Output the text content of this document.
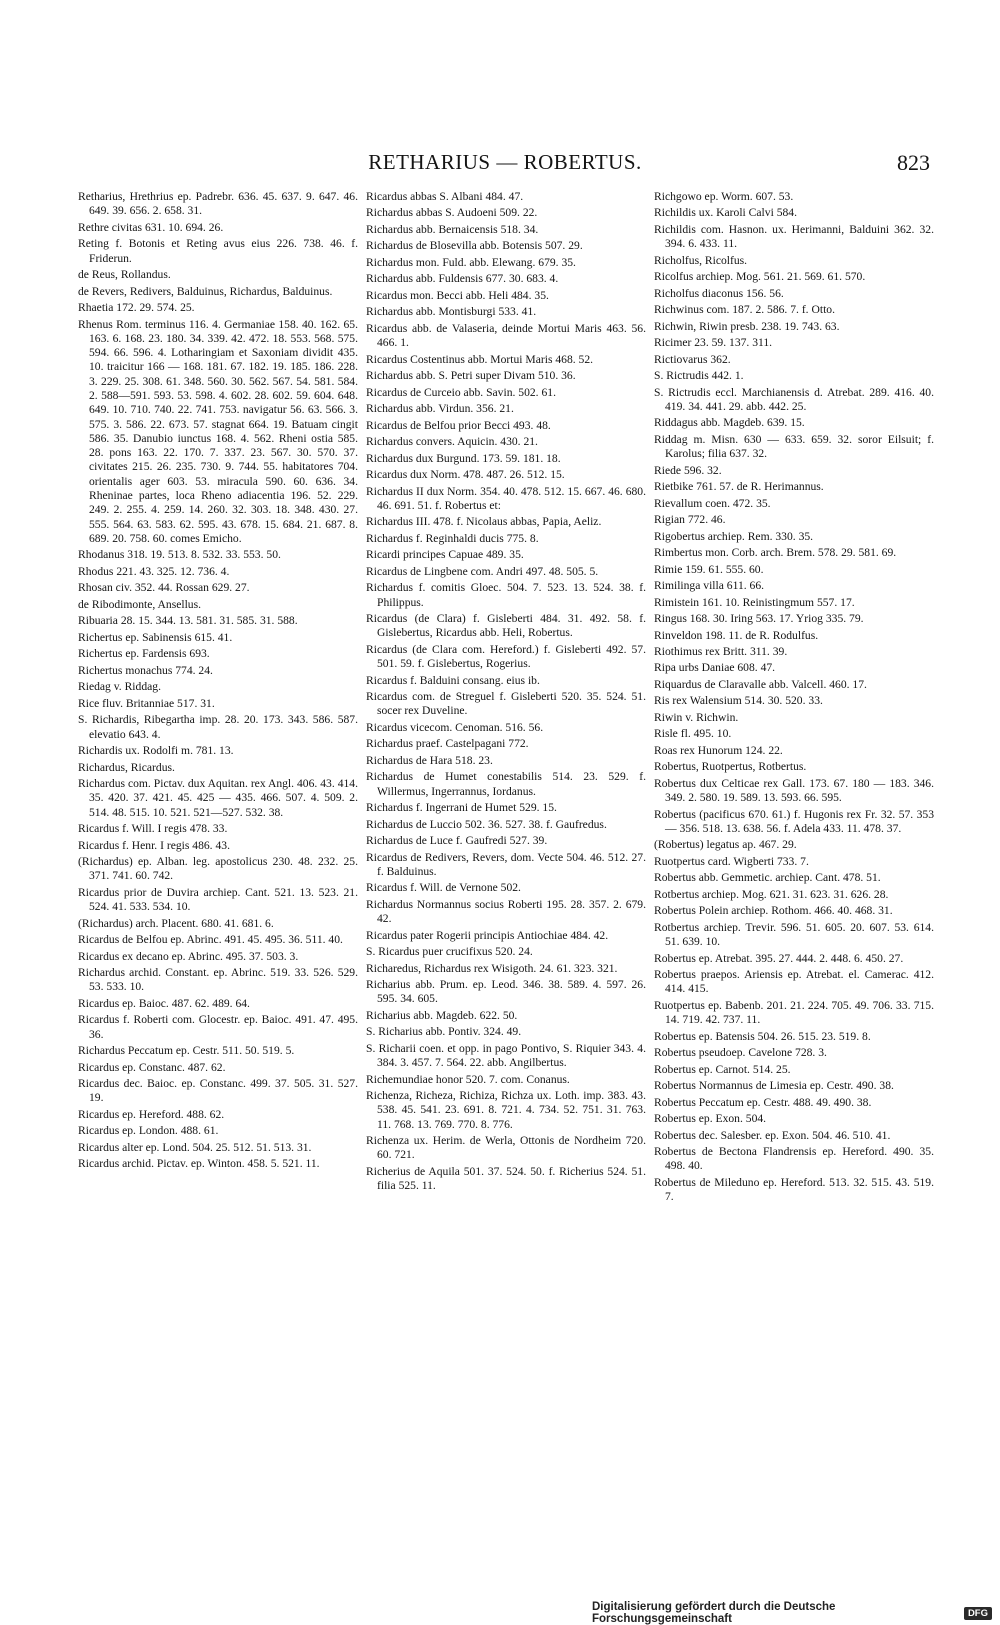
RETHARIUS — ROBERTUS.	823
Retharius, Hrethrius ep. Padrebr. 636. 45. 637. 9. 647. 46. 649. 39. 656. 2. 658. 31.
Rethre civitas 631. 10. 694. 26.
Reting f. Botonis et Reting avus eius 226. 738. 46. f. Friderun.
de Reus, Rollandus.
de Revers, Redivers, Balduinus, Richardus, Balduinus.
Rhaetia 172. 29. 574. 25.
Rhenus Rom. terminus 116. 4. Germaniae 158. 40. 162. 65. 163. 6. 168. 23. 180. 34. 339. 42. 472. 18. 553. 568. 575. 594. 66. 596. 4. Lotharingiam et Saxoniam dividit 435. 10. traicitur 166 — 168. 181. 67. 182. 19. 185. 186. 228. 3. 229. 25. 308. 61. 348. 560. 30. 562. 567. 54. 581. 584. 2. 588—591. 593. 53. 598. 4. 602. 28. 602. 59. 604. 648. 649. 10. 710. 740. 22. 741. 753. navigatur 56. 63. 566. 3. 575. 3. 586. 22. 673. 57. stagnat 664. 19. Batuam cingit 586. 35. Danubio iunctus 168. 4. 562. Rheni ostia 585. 28. pons 163. 22. 170. 7. 337. 23. 567. 30. 570. 37. civitates 215. 26. 235. 730. 9. 744. 55. habitatores 704. orientalis ager 603. 53. miracula 590. 60. 636. 34. Rheninae partes, loca Rheno adiacentia 196. 52. 229. 249. 2. 255. 4. 259. 14. 260. 32. 303. 18. 348. 430. 27. 555. 564. 63. 583. 62. 595. 43. 678. 15. 684. 21. 687. 8. 689. 20. 758. 60. comes Emicho.
Rhodanus 318. 19. 513. 8. 532. 33. 553. 50.
Rhodus 221. 43. 325. 12. 736. 4.
Rhosan civ. 352. 44. Rossan 629. 27.
de Ribodimonte, Ansellus.
Ribuaria 28. 15. 344. 13. 581. 31. 585. 31. 588.
Richertus ep. Sabinensis 615. 41.
Richertus ep. Fardensis 693.
Richertus monachus 774. 24.
Riedag v. Riddag.
Rice fluv. Britanniae 517. 31.
S. Richardis, Ribegartha imp. 28. 20. 173. 343. 586. 587. elevatio 643. 4.
Richardis ux. Rodolfi m. 781. 13.
Richardus, Ricardus.
Richardus com. Pictav. dux Aquitan. rex Angl. 406. 43. 414. 35. 420. 37. 421. 45. 425 — 435. 466. 507. 4. 509. 2. 514. 48. 515. 10. 521. 521—527. 532. 38.
Ricardus f. Will. I regis 478. 33.
Ricardus f. Henr. I regis 486. 43.
(Richardus) ep. Alban. leg. apostolicus 230. 48. 232. 25. 371. 741. 60. 742.
Ricardus prior de Duvira archiep. Cant. 521. 13. 523. 21. 524. 41. 533. 534. 10.
(Richardus) arch. Placent. 680. 41. 681. 6.
Ricardus de Belfou ep. Abrinc. 491. 45. 495. 36. 511. 40.
Ricardus ex decano ep. Abrinc. 495. 37. 503. 3.
Richardus archid. Constant. ep. Abrinc. 519. 33. 526. 529. 53. 533. 10.
Ricardus ep. Baioc. 487. 62. 489. 64.
Ricardus f. Roberti com. Glocestr. ep. Baioc. 491. 47. 495. 36.
Richardus Peccatum ep. Cestr. 511. 50. 519. 5.
Ricardus ep. Constanc. 487. 62.
Ricardus dec. Baioc. ep. Constanc. 499. 37. 505. 31. 527. 19.
Ricardus ep. Hereford. 488. 62.
Ricardus ep. London. 488. 61.
Ricardus alter ep. Lond. 504. 25. 512. 51. 513. 31.
Ricardus archid. Pictav. ep. Winton. 458. 5. 521. 11.
Ricardus abbas S. Albani 484. 47.
Richardus abbas S. Audoeni 509. 22.
Richardus abb. Bernaicensis 518. 34.
Richardus de Blosevilla abb. Botensis 507. 29.
Richardus mon. Fuld. abb. Elewang. 679. 35.
Richardus abb. Fuldensis 677. 30. 683. 4.
Ricardus mon. Becci abb. Heli 484. 35.
Richardus abb. Montisburgi 533. 41.
Ricardus abb. de Valaseria, deinde Mortui Maris 463. 56. 466. 1.
Ricardus Costentinus abb. Mortui Maris 468. 52.
Richardus abb. S. Petri super Divam 510. 36.
Ricardus de Curceio abb. Savin. 502. 61.
Richardus abb. Virdun. 356. 21.
Ricardus de Belfou prior Becci 493. 48.
Richardus convers. Aquicin. 430. 21.
Richardus dux Burgund. 173. 59. 181. 18.
Ricardus dux Norm. 478. 487. 26. 512. 15.
Richardus II dux Norm. 354. 40. 478. 512. 15. 667. 46. 680. 46. 691. 51. f. Robertus et:
Richardus III. 478. f. Nicolaus abbas, Papia, Aeliz.
Richardus f. Reginhaldi ducis 775. 8.
Ricardi principes Capuae 489. 35.
Ricardus de Lingbene com. Andri 497. 48. 505. 5.
Richardus f. comitis Gloec. 504. 7. 523. 13. 524. 38. f. Philippus.
Ricardus (de Clara) f. Gisleberti 484. 31. 492. 58. f. Gislebertus, Ricardus abb. Heli, Robertus.
Ricardus (de Clara com. Hereford.) f. Gisleberti 492. 57. 501. 59. f. Gislebertus, Rogerius.
Ricardus f. Balduini consang. eius ib.
Ricardus com. de Streguel f. Gisleberti 520. 35. 524. 51. socer rex Duveline.
Ricardus vicecom. Cenoman. 516. 56.
Richardus praef. Castelpagani 772.
Richardus de Hara 518. 23.
Richardus de Humet conestabilis 514. 23. 529. f. Willermus, Ingerrannus, Iordanus.
Richardus f. Ingerrani de Humet 529. 15.
Richardus de Luccio 502. 36. 527. 38. f. Gaufredus.
Richardus de Luce f. Gaufredi 527. 39.
Ricardus de Redivers, Revers, dom. Vecte 504. 46. 512. 27. f. Balduinus.
Ricardus f. Will. de Vernone 502.
Richardus Normannus socius Roberti 195. 28. 357. 2. 679. 42.
Ricardus pater Rogerii principis Antiochiae 484. 42.
S. Ricardus puer crucifixus 520. 24.
Richaredus, Richardus rex Wisigoth. 24. 61. 323. 321.
Richarius abb. Prum. ep. Leod. 346. 38. 589. 4. 597. 26. 595. 34. 605.
Richarius abb. Magdeb. 622. 50.
S. Richarius abb. Pontiv. 324. 49.
S. Richarii coen. et opp. in pago Pontivo, S. Riquier 343. 4. 384. 3. 457. 7. 564. 22. abb. Angilbertus.
Richemundiae honor 520. 7. com. Conanus.
Richenza, Richeza, Richiza, Richza ux. Loth. imp. 383. 43. 538. 45. 541. 23. 691. 8. 721. 4. 734. 52. 751. 31. 763. 11. 768. 13. 769. 770. 8. 776.
Richenza ux. Herim. de Werla, Ottonis de Nordheim 720. 60. 721.
Richerius de Aquila 501. 37. 524. 50. f. Richerius 524. 51. filia 525. 11.
Richgowo ep. Worm. 607. 53.
Richildis ux. Karoli Calvi 584.
Richildis com. Hasnon. ux. Herimanni, Balduini 362. 32. 394. 6. 433. 11.
Richolfus, Ricolfus.
Ricolfus archiep. Mog. 561. 21. 569. 61. 570.
Richolfus diaconus 156. 56.
Richwinus com. 187. 2. 586. 7. f. Otto.
Richwin, Riwin presb. 238. 19. 743. 63.
Ricimer 23. 59. 137. 311.
Rictiovarus 362.
S. Rictrudis 442. 1.
S. Rictrudis eccl. Marchianensis d. Atrebat. 289. 416. 40. 419. 34. 441. 29. abb. 442. 25.
Riddagus abb. Magdeb. 639. 15.
Riddag m. Misn. 630 — 633. 659. 32. soror Eilsuit; f. Karolus; filia 637. 32.
Riede 596. 32.
Rietbike 761. 57. de R. Herimannus.
Rievallum coen. 472. 35.
Rigian 772. 46.
Rigobertus archiep. Rem. 330. 35.
Rimbertus mon. Corb. arch. Brem. 578. 29. 581. 69.
Rimie 159. 61. 555. 60.
Rimilinga villa 611. 66.
Rimistein 161. 10. Reinistingmum 557. 17.
Ringus 168. 30. Iring 563. 17. Yriog 335. 79.
Rinveldon 198. 11. de R. Rodulfus.
Riothimus rex Britt. 311. 39.
Ripa urbs Daniae 608. 47.
Riquardus de Claravalle abb. Valcell. 460. 17.
Ris rex Walensium 514. 30. 520. 33.
Riwin v. Richwin.
Risle fl. 495. 10.
Roas rex Hunorum 124. 22.
Robertus, Ruotpertus, Rotbertus.
Robertus dux Celticae rex Gall. 173. 67. 180 — 183. 346. 349. 2. 580. 19. 589. 13. 593. 66. 595.
Robertus (pacificus 670. 61.) f. Hugonis rex Fr. 32. 57. 353 — 356. 518. 13. 638. 56. f. Adela 433. 11. 478. 37.
(Robertus) legatus ap. 467. 29.
Ruotpertus card. Wigberti 733. 7.
Robertus abb. Gemmetic. archiep. Cant. 478. 51.
Rotbertus archiep. Mog. 621. 31. 623. 31. 626. 28.
Robertus Polein archiep. Rothom. 466. 40. 468. 31.
Rotbertus archiep. Trevir. 596. 51. 605. 20. 607. 53. 614. 51. 639. 10.
Robertus ep. Atrebat. 395. 27. 444. 2. 448. 6. 450. 27.
Robertus praepos. Ariensis ep. Atrebat. el. Camerac. 412. 414. 415.
Ruotpertus ep. Babenb. 201. 21. 224. 705. 49. 706. 33. 715. 14. 719. 42. 737. 11.
Robertus ep. Batensis 504. 26. 515. 23. 519. 8.
Robertus pseudoep. Cavelone 728. 3.
Robertus ep. Carnot. 514. 25.
Robertus Normannus de Limesia ep. Cestr. 490. 38.
Robertus Peccatum ep. Cestr. 488. 49. 490. 38.
Robertus ep. Exon. 504.
Robertus dec. Salesber. ep. Exon. 504. 46. 510. 41.
Robertus de Bectona Flandrensis ep. Hereford. 490. 35. 498. 40.
Robertus de Mileduno ep. Hereford. 513. 32. 515. 43. 519. 7.
Digitalisierung gefördert durch die Deutsche Forschungsgemeinschaft	DFG
